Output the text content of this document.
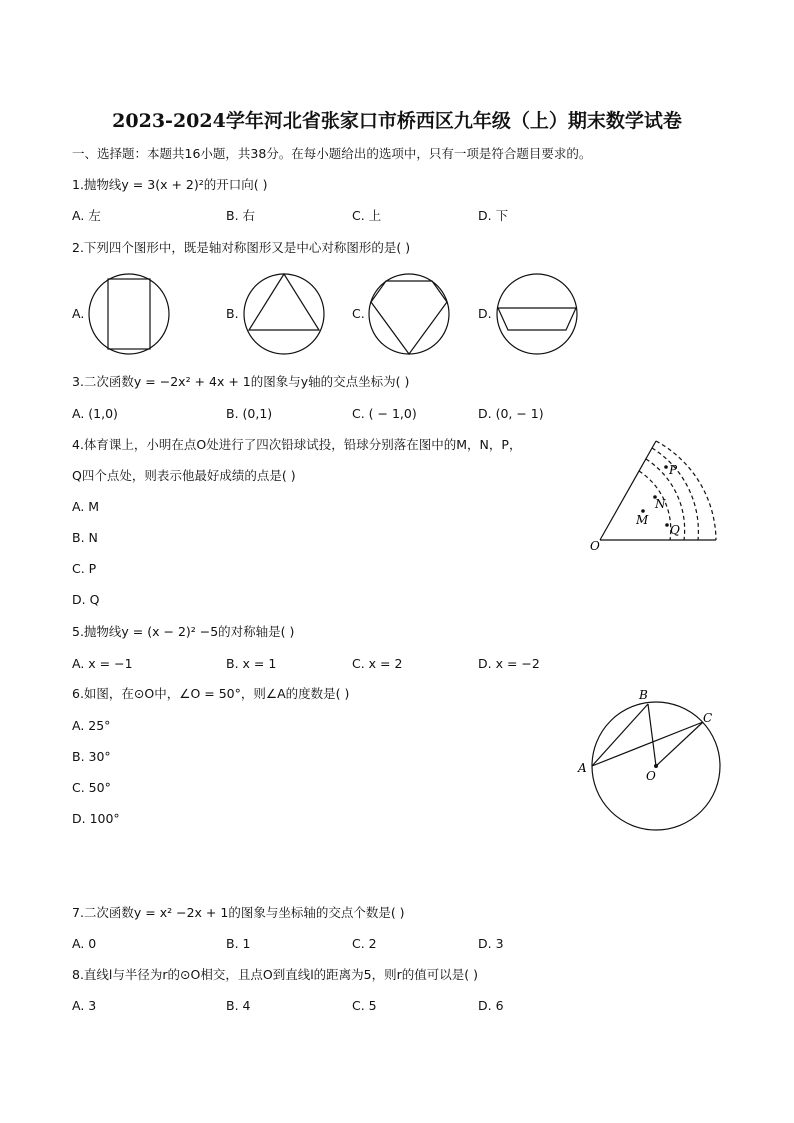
2023-2024学年河北省张家口市桥西区九年级（上）期末数学试卷
一、选择题：本题共16小题，共38分。在每小题给出的选项中，只有一项是符合题目要求的。
1.抛物线y = 3(x + 2)²的开口向( )
A. 左	B. 右	C. 上	D. 下
2.下列四个图形中，既是轴对称图形又是中心对称图形的是( )
A.	B.	C.	D.
3.二次函数y = −2x² + 4x + 1的图象与y轴的交点坐标为( )
A. (1,0)	B. (0,1)	C. ( − 1,0)	D. (0, − 1)
4.体育课上，小明在点O处进行了四次铅球试投，铅球分别落在图中的M，N，P，
Q四个点处，则表示他最好成绩的点是( )
A. M
B. N
C. P
D. Q
O
M
N
P
Q
5.抛物线y = (x − 2)² −5的对称轴是( )
A. x = −1	B. x = 1	C. x = 2	D. x = −2
6.如图，在⊙O中，∠O = 50°，则∠A的度数是( )
A. 25°
B. 30°
C. 50°
D. 100°
A
B
C
O
7.二次函数y = x² −2x + 1的图象与坐标轴的交点个数是( )
A. 0	B. 1	C. 2	D. 3
8.直线l与半径为r的⊙O相交，且点O到直线l的距离为5，则r的值可以是( )
A. 3	B. 4	C. 5	D. 6
